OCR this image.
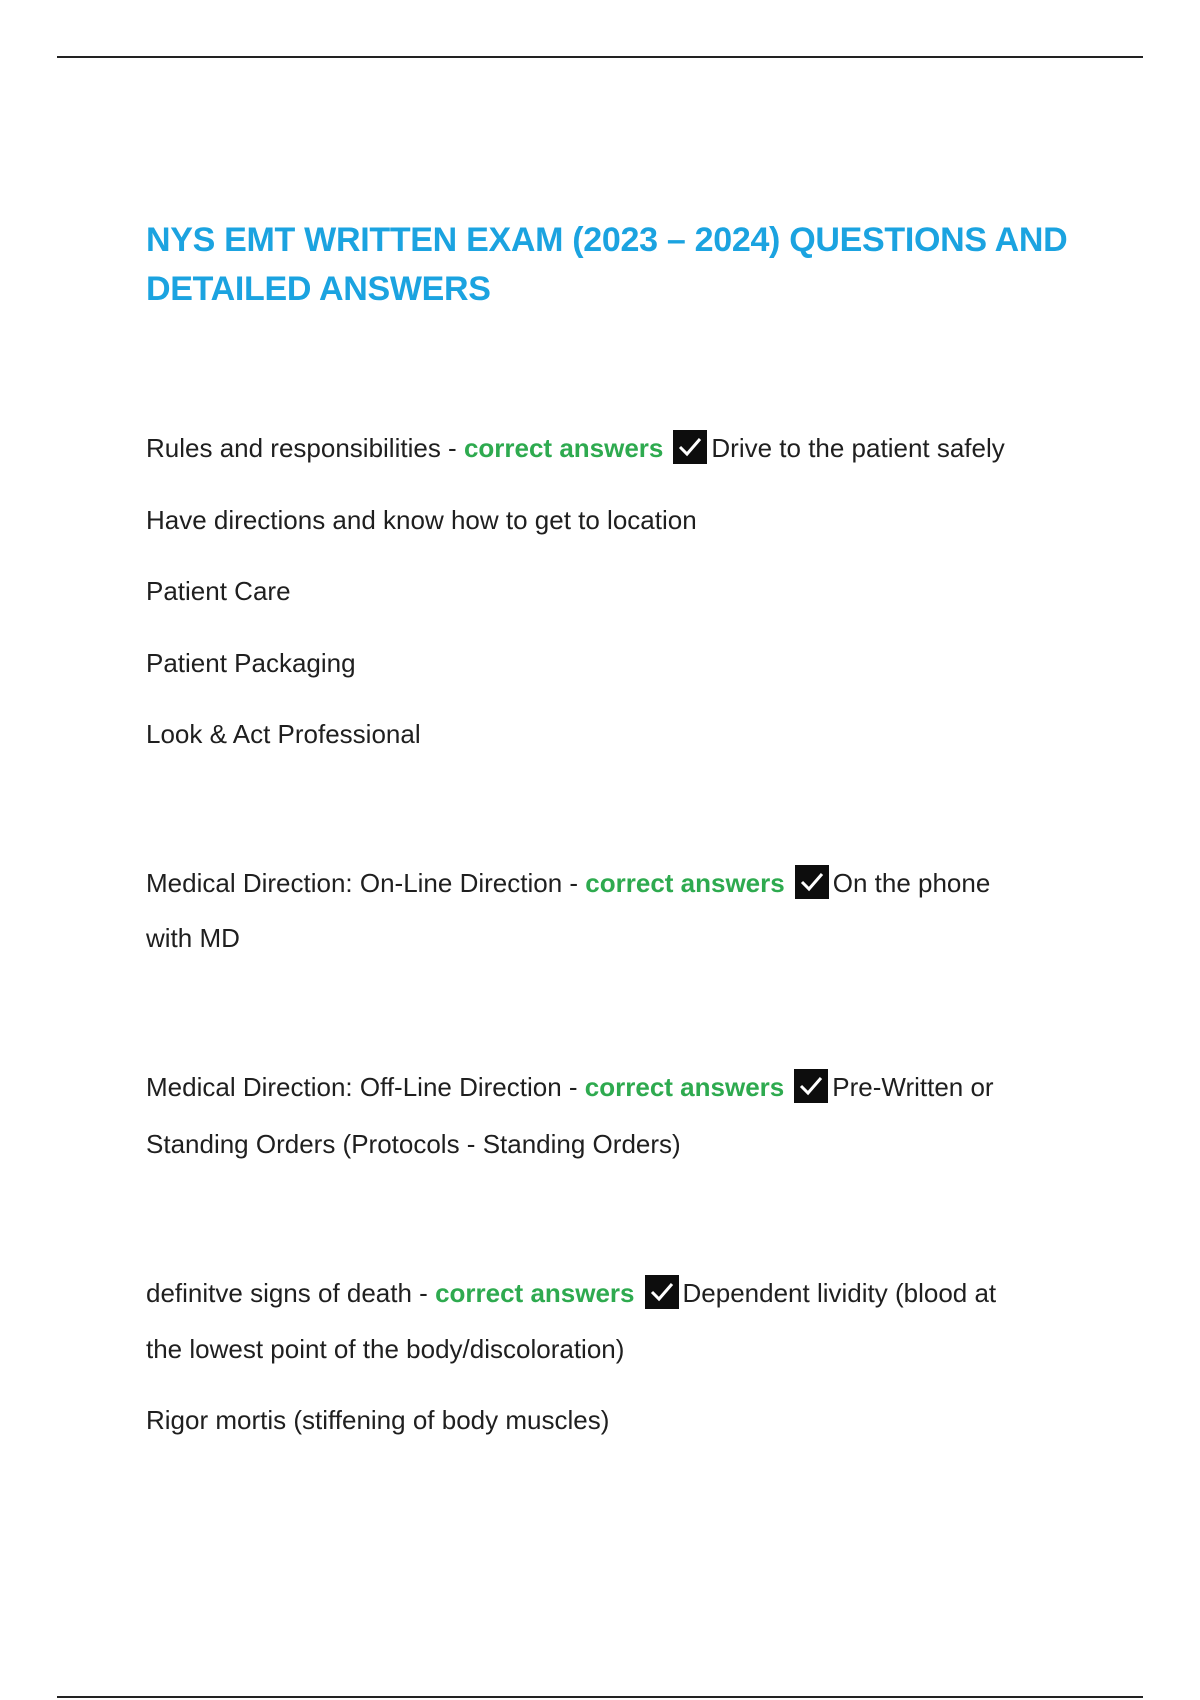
NYS EMT WRITTEN EXAM (2023 – 2024) QUESTIONS AND DETAILED ANSWERS

Rules and responsibilities - correct answers Drive to the patient safely

Have directions and know how to get to location

Patient Care

Patient Packaging

Look & Act Professional

Medical Direction: On-Line Direction - correct answers On the phone

with MD

Medical Direction: Off-Line Direction - correct answers Pre-Written or

Standing Orders (Protocols - Standing Orders)

definitve signs of death - correct answers Dependent lividity (blood at

the lowest point of the body/discoloration)

Rigor mortis (stiffening of body muscles)
